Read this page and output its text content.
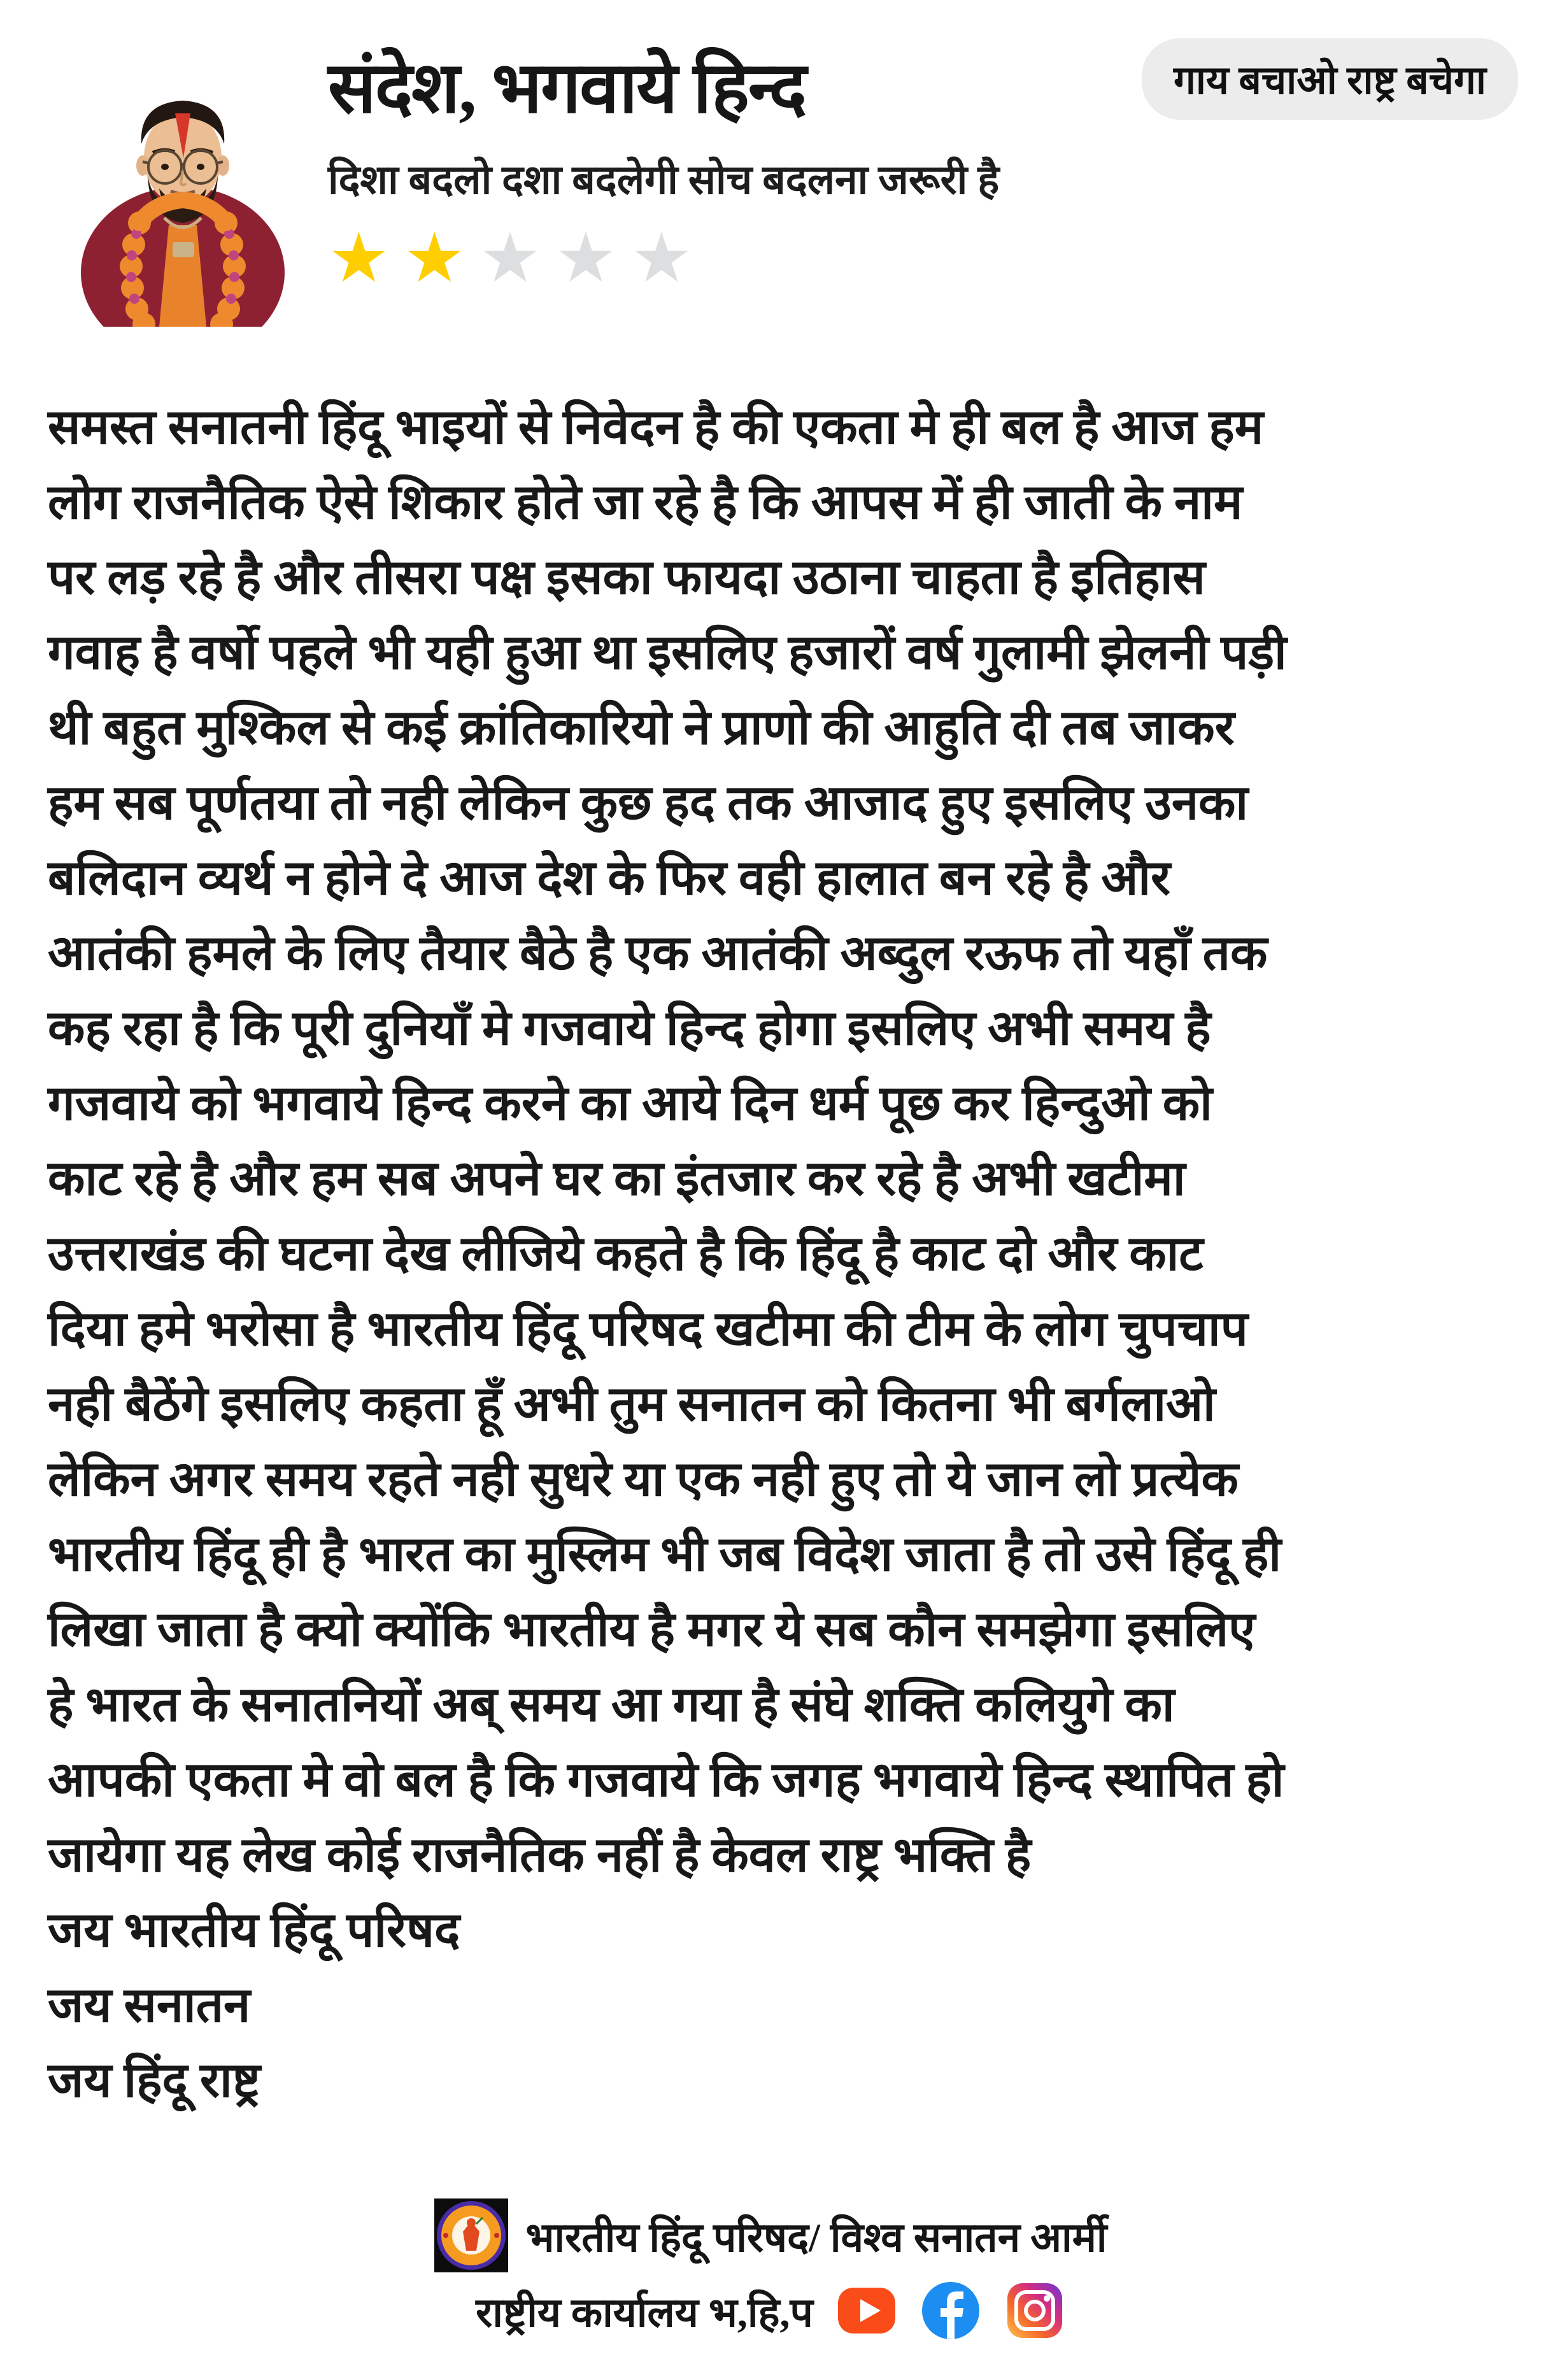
संदेश, भगवाये हिन्द
दिशा बदलो दशा बदलेगी सोच बदलना जरूरी है
★★★★★
गाय बचाओ राष्ट्र बचेगा
समस्त सनातनी हिंदू भाइयों से निवेदन है की एकता मे ही बल है आज हम
लोग राजनैतिक ऐसे शिकार होते जा रहे है कि आपस में ही जाती के नाम
पर लड़ रहे है और तीसरा पक्ष इसका फायदा उठाना चाहता है इतिहास
गवाह है वर्षो पहले भी यही हुआ था इसलिए हजारों वर्ष गुलामी झेलनी पड़ी
थी बहुत मुश्किल से कई क्रांतिकारियो ने प्राणो की आहुति दी तब जाकर
हम सब पूर्णतया तो नही लेकिन कुछ हद तक आजाद हुए इसलिए उनका
बलिदान व्यर्थ न होने दे आज देश के फिर वही हालात बन रहे है और
आतंकी हमले के लिए तैयार बैठे है एक आतंकी अब्दुल रऊफ तो यहाँ तक
कह रहा है कि पूरी दुनियाँ मे गजवाये हिन्द होगा इसलिए अभी समय है
गजवाये को भगवाये हिन्द करने का आये दिन धर्म पूछ कर हिन्दुओ को
काट रहे है और हम सब अपने घर का इंतजार कर रहे है अभी खटीमा
उत्तराखंड की घटना देख लीजिये कहते है कि हिंदू है काट दो और काट
दिया हमे भरोसा है भारतीय हिंदू परिषद खटीमा की टीम के लोग चुपचाप
नही बैठेंगे इसलिए कहता हूँ अभी तुम सनातन को कितना भी बर्गलाओ
लेकिन अगर समय रहते नही सुधरे या एक नही हुए तो ये जान लो प्रत्येक
भारतीय हिंदू ही है भारत का मुस्लिम भी जब विदेश जाता है तो उसे हिंदू ही
लिखा जाता है क्यो क्योंकि भारतीय है मगर ये सब कौन समझेगा इसलिए
हे भारत के सनातनियों अब् समय आ गया है संघे शक्ति कलियुगे का
आपकी एकता मे वो बल है कि गजवाये कि जगह भगवाये हिन्द स्थापित हो
जायेगा यह लेख कोई राजनैतिक नहीं है केवल राष्ट्र भक्ति है
जय भारतीय हिंदू परिषद
जय सनातन
जय हिंदू राष्ट्र
भारतीय हिंदू परिषद/ विश्व सनातन आर्मी
राष्ट्रीय कार्यालय भ,हि,प
